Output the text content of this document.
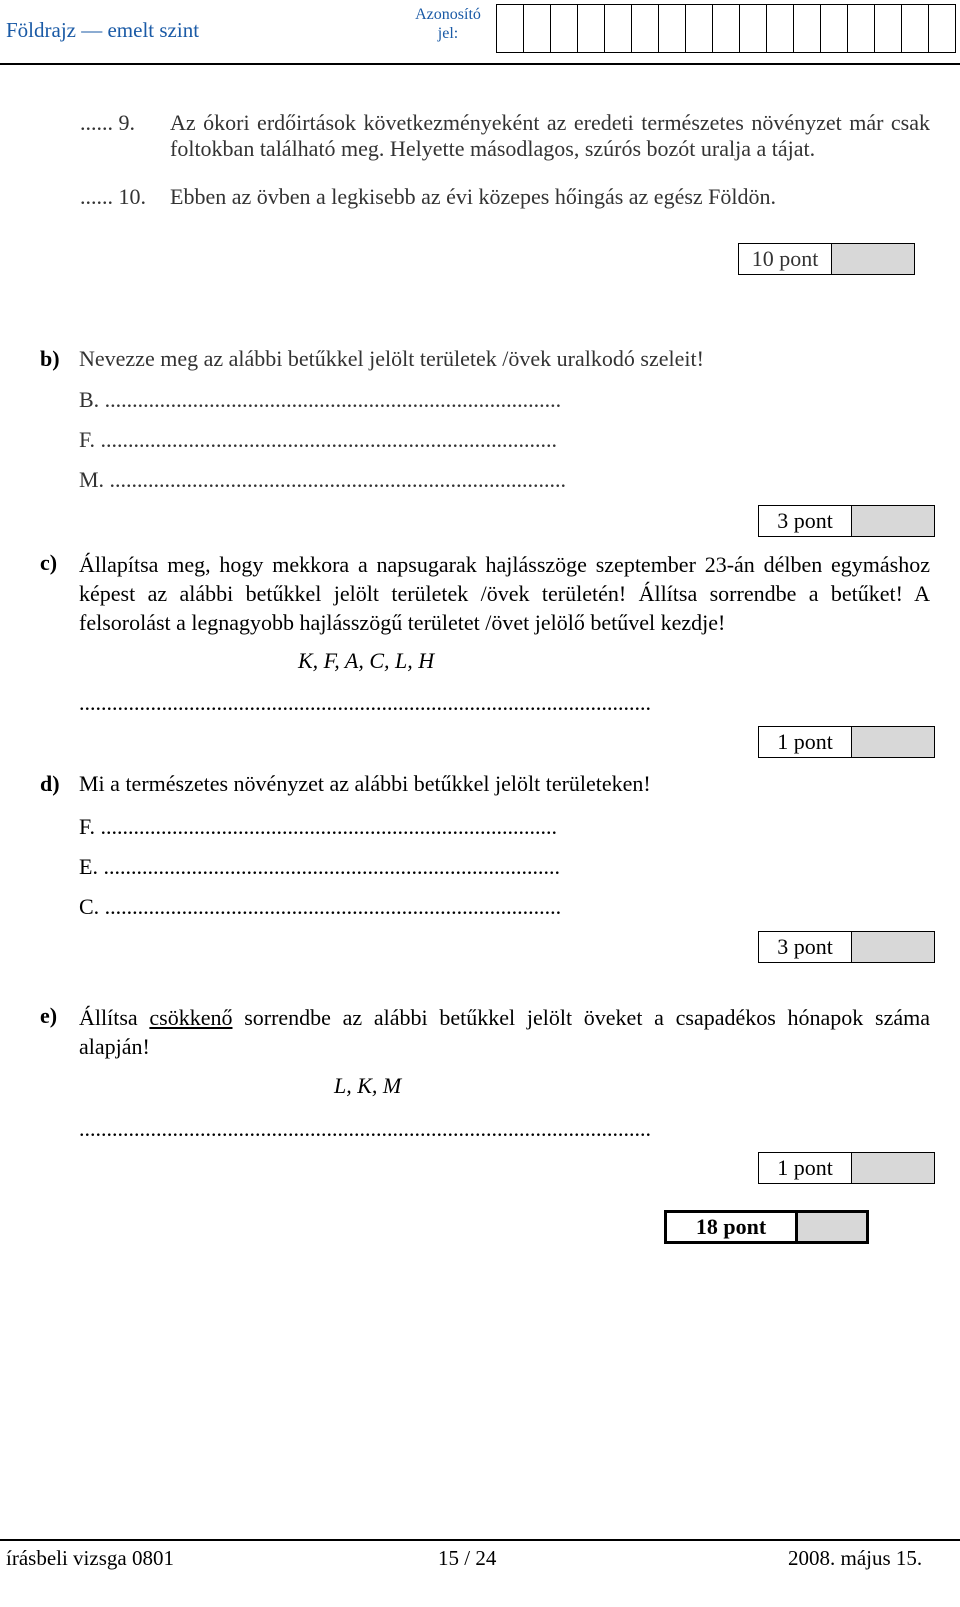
Földrajz — emelt szint
Azonosító jel:
...... 9. Az ókori erdőirtások következményeként az eredeti természetes növényzet már csak foltokban található meg. Helyette másodlagos, szúrós bozót uralja a tájat.
...... 10. Ebben az övben a legkisebb az évi közepes hőingás az egész Földön.
10 pont
b) Nevezze meg az alábbi betűkkel jelölt területek /övek uralkodó szeleit!
B. ...................................................................................
F. ...................................................................................
M. ...................................................................................
3 pont
c) Állapítsa meg, hogy mekkora a napsugarak hajlásszöge szeptember 23-án délben egymáshoz képest az alábbi betűkkel jelölt területek /övek területén! Állítsa sorrendbe a betűket! A felsorolást a legnagyobb hajlásszögű területet /övet jelölő betűvel kezdje!
K, F, A, C, L, H
........................................................................................................
1 pont
d) Mi a természetes növényzet az alábbi betűkkel jelölt területeken!
F. ...................................................................................
E. ...................................................................................
C. ...................................................................................
3 pont
e) Állítsa csökkenő sorrendbe az alábbi betűkkel jelölt öveket a csapadékos hónapok száma alapján!
L, K, M
........................................................................................................
1 pont
18 pont
írásbeli vizsga 0801	15 / 24	2008. május 15.
